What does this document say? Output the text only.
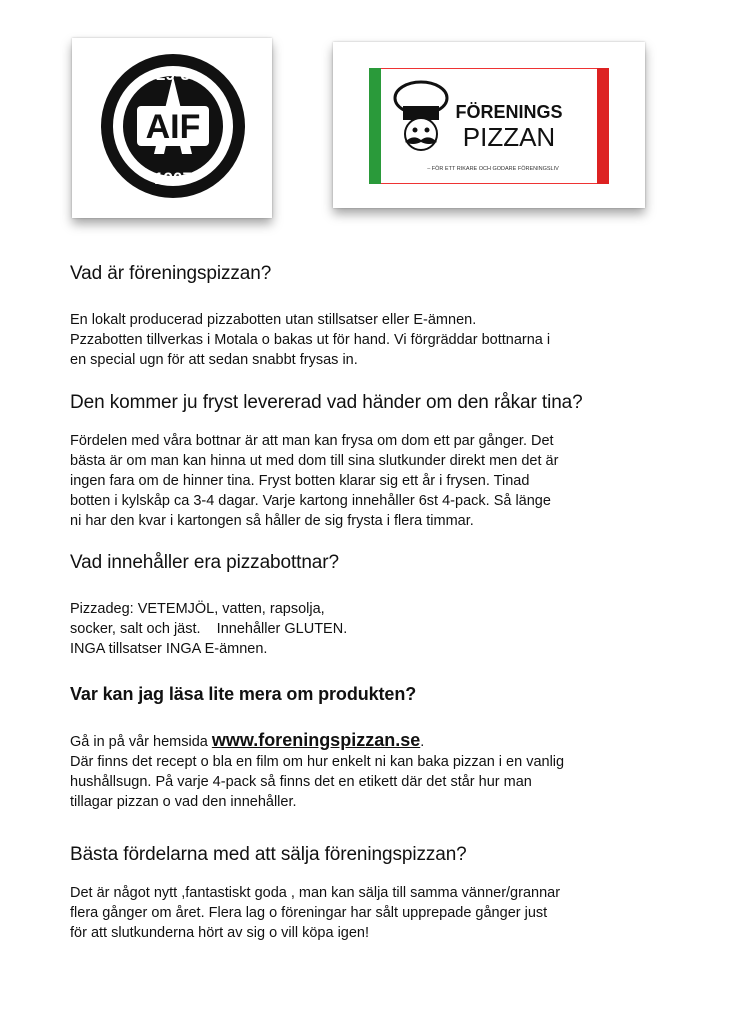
AIF
29-8
1907
FÖRENINGS
PIZZAN
– FÖR ETT RIKARE OCH GODARE FÖRENINGSLIV
Vad är föreningspizzan?

En lokalt producerad pizzabotten utan stillsatser eller E-ämnen.

Pzzabotten tillverkas i Motala o bakas ut för hand. Vi förgräddar bottnarna i

en special ugn för att sedan snabbt frysas in.

Den kommer ju fryst levererad vad händer om den råkar tina?

Fördelen med våra bottnar är att man kan frysa om dom ett par gånger. Det

bästa är om man kan hinna ut med dom till sina slutkunder direkt men det är

ingen fara om de hinner tina. Fryst botten klarar sig ett år i frysen. Tinad

botten i kylskåp ca 3-4 dagar. Varje kartong innehåller 6st 4-pack. Så länge

ni har den kvar i kartongen så håller de sig frysta i flera timmar.

Vad innehåller era pizzabottnar?

Pizzadeg: VETEMJÖL, vatten, rapsolja,

socker, salt och jäst.    Innehåller GLUTEN.

INGA tillsatser INGA E-ämnen.

Var kan jag läsa lite mera om produkten?

Gå in på vår hemsida www.foreningspizzan.se.

Där finns det recept o bla en film om hur enkelt ni kan baka pizzan i en vanlig

hushållsugn. På varje 4-pack så finns det en etikett där det står hur man

tillagar pizzan o vad den innehåller.

Bästa fördelarna med att sälja föreningspizzan?

Det är något nytt ,fantastiskt goda , man kan sälja till samma vänner/grannar

flera gånger om året. Flera lag o föreningar har sålt upprepade gånger just

för att slutkunderna hört av sig o vill köpa igen!
